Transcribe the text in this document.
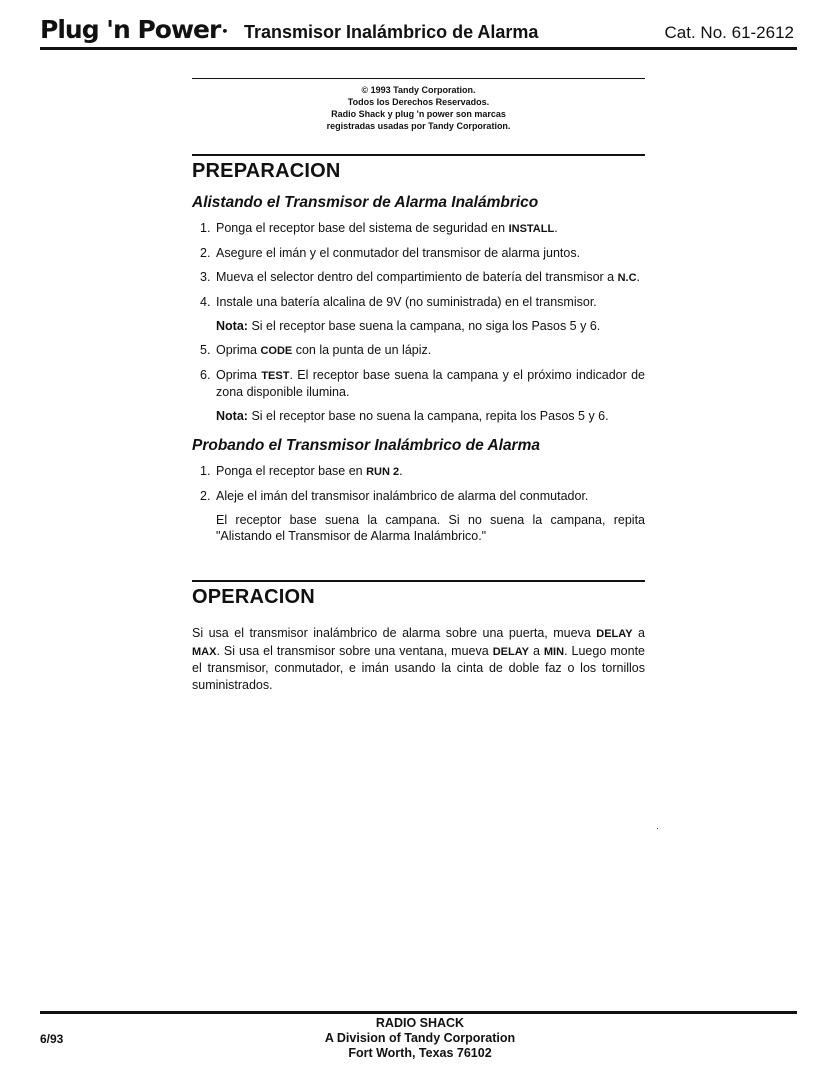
Plug 'n Power• Transmisor Inalámbrico de Alarma	Cat. No. 61-2612
© 1993 Tandy Corporation.
Todos los Derechos Reservados.
Radio Shack y plug 'n power son marcas
registradas usadas por Tandy Corporation.
PREPARACION
Alistando el Transmisor de Alarma Inalámbrico
1. Ponga el receptor base del sistema de seguridad en INSTALL.
2. Asegure el imán y el conmutador del transmisor de alarma juntos.
3. Mueva el selector dentro del compartimiento de batería del transmisor a N.C.
4. Instale una batería alcalina de 9V (no suministrada) en el transmisor.
Nota: Si el receptor base suena la campana, no siga los Pasos 5 y 6.
5. Oprima CODE con la punta de un lápiz.
6. Oprima TEST. El receptor base suena la campana y el próximo indicador de zona disponible ilumina.
Nota: Si el receptor base no suena la campana, repita los Pasos 5 y 6.
Probando el Transmisor Inalámbrico de Alarma
1. Ponga el receptor base en RUN 2.
2. Aleje el imán del transmisor inalámbrico de alarma del conmutador.
El receptor base suena la campana. Si no suena la campana, repita "Alistando el Transmisor de Alarma Inalámbrico."
OPERACION
Si usa el transmisor inalámbrico de alarma sobre una puerta, mueva DELAY a MAX. Si usa el transmisor sobre una ventana, mueva DELAY a MIN. Luego monte el transmisor, conmutador, e imán usando la cinta de doble faz o los tornillos suministrados.
6/93
RADIO SHACK
A Division of Tandy Corporation
Fort Worth, Texas 76102
